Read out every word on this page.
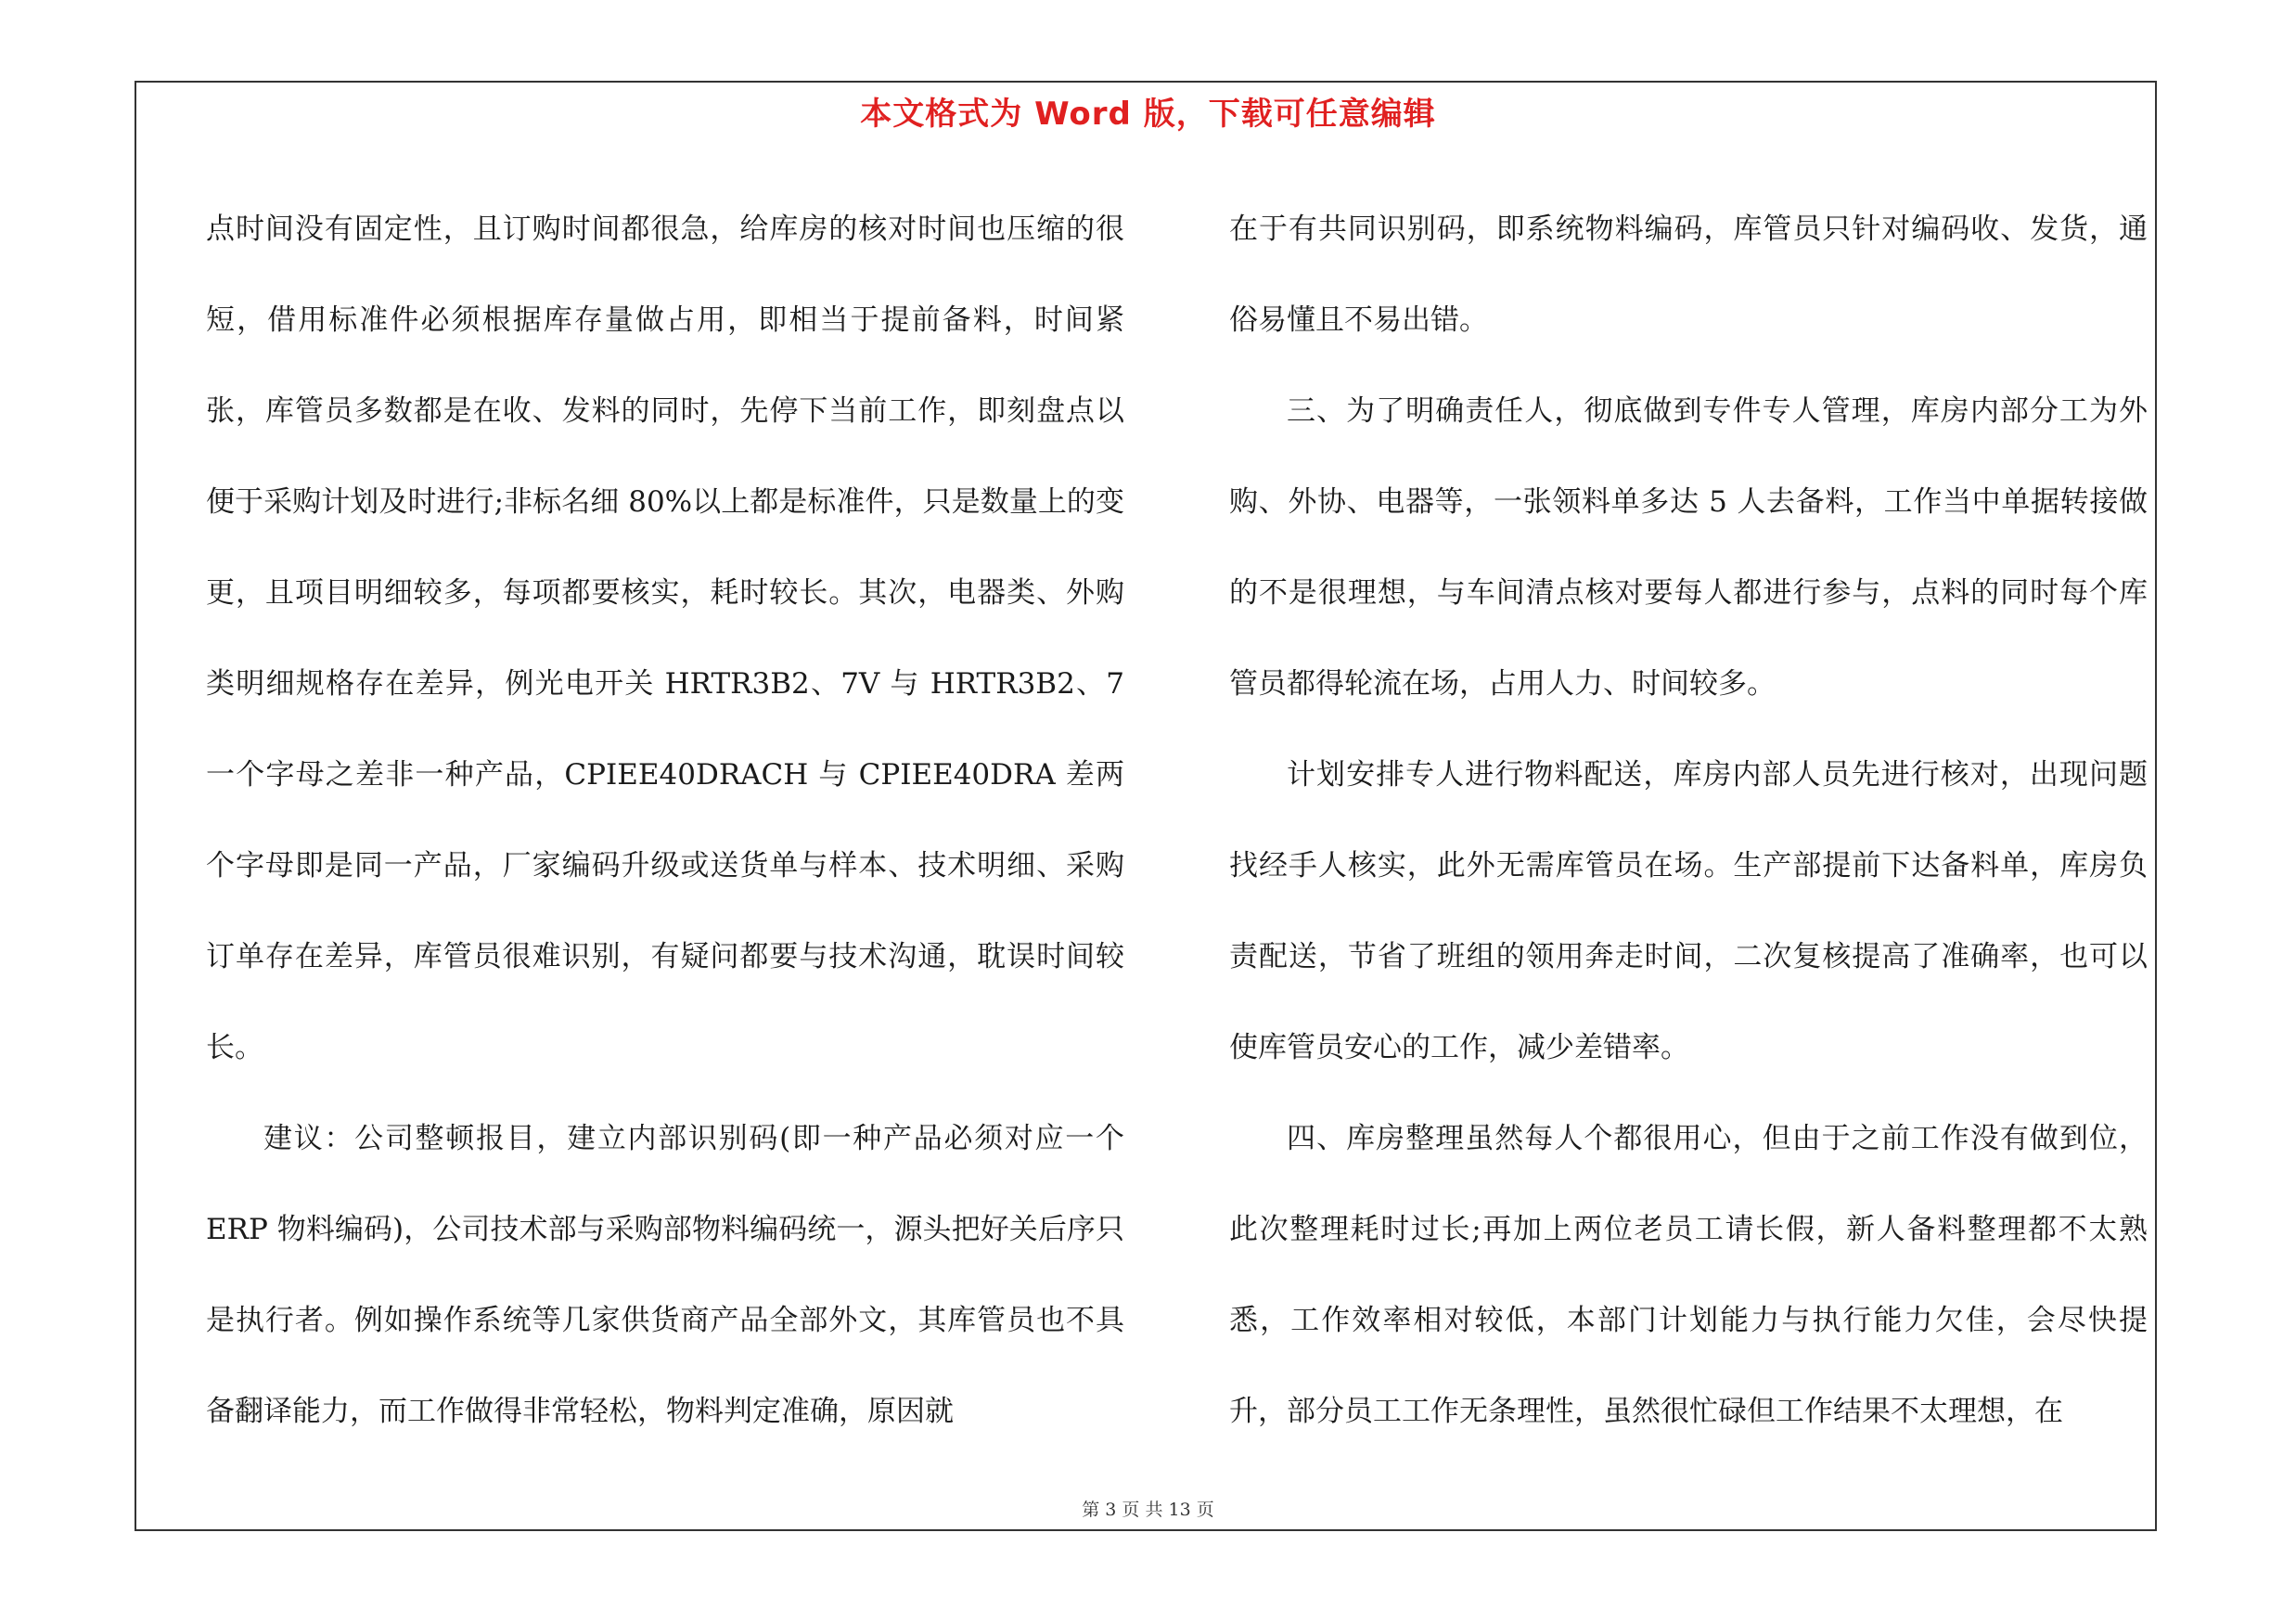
本文格式为 Word 版，下载可任意编辑

点时间没有固定性，且订购时间都很急，给库房的核对时间也压缩的很短，借用标准件必须根据库存量做占用，即相当于提前备料，时间紧张，库管员多数都是在收、发料的同时，先停下当前工作，即刻盘点以便于采购计划及时进行;非标名细 80%以上都是标准件，只是数量上的变更，且项目明细较多，每项都要核实，耗时较长。其次，电器类、外购类明细规格存在差异，例光电开关 HRTR3B2、7V 与 HRTR3B2、7 一个字母之差非一种产品，CPIEE40DRACH 与 CPIEE40DRA 差两个字母即是同一产品，厂家编码升级或送货单与样本、技术明细、采购订单存在差异，库管员很难识别，有疑问都要与技术沟通，耽误时间较长。

建议：公司整顿报目，建立内部识别码(即一种产品必须对应一个 ERP 物料编码)，公司技术部与采购部物料编码统一，源头把好关后序只是执行者。例如操作系统等几家供货商产品全部外文，其库管员也不具备翻译能力，而工作做得非常轻松，物料判定准确，原因就

在于有共同识别码，即系统物料编码，库管员只针对编码收、发货，通俗易懂且不易出错。

三、为了明确责任人，彻底做到专件专人管理，库房内部分工为外购、外协、电器等，一张领料单多达 5 人去备料，工作当中单据转接做的不是很理想，与车间清点核对要每人都进行参与，点料的同时每个库管员都得轮流在场，占用人力、时间较多。

计划安排专人进行物料配送，库房内部人员先进行核对，出现问题找经手人核实，此外无需库管员在场。生产部提前下达备料单，库房负责配送，节省了班组的领用奔走时间，二次复核提高了准确率，也可以使库管员安心的工作，减少差错率。

四、库房整理虽然每人个都很用心，但由于之前工作没有做到位，此次整理耗时过长;再加上两位老员工请长假，新人备料整理都不太熟悉，工作效率相对较低，本部门计划能力与执行能力欠佳，会尽快提升，部分员工工作无条理性，虽然很忙碌但工作结果不太理想，在

第 3 页 共 13 页
